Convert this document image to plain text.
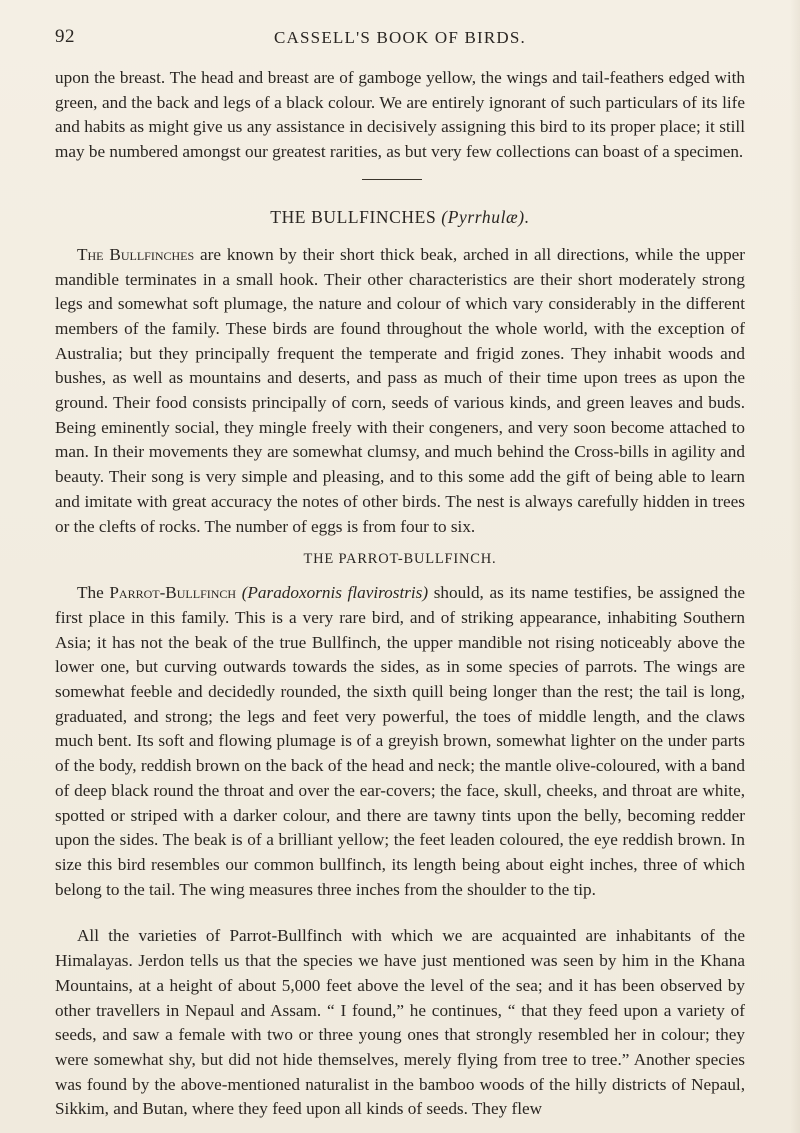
92	CASSELL'S BOOK OF BIRDS.

upon the breast. The head and breast are of gamboge yellow, the wings and tail-feathers edged with green, and the back and legs of a black colour. We are entirely ignorant of such particulars of its life and habits as might give us any assistance in decisively assigning this bird to its proper place; it still may be numbered amongst our greatest rarities, as but very few collections can boast of a specimen.

THE BULLFINCHES (Pyrrhulæ).

The Bullfinches are known by their short thick beak, arched in all directions, while the upper mandible terminates in a small hook. Their other characteristics are their short moderately strong legs and somewhat soft plumage, the nature and colour of which vary considerably in the different members of the family. These birds are found throughout the whole world, with the exception of Australia; but they principally frequent the temperate and frigid zones. They inhabit woods and bushes, as well as mountains and deserts, and pass as much of their time upon trees as upon the ground. Their food consists principally of corn, seeds of various kinds, and green leaves and buds. Being eminently social, they mingle freely with their congeners, and very soon become attached to man. In their movements they are somewhat clumsy, and much behind the Cross-bills in agility and beauty. Their song is very simple and pleasing, and to this some add the gift of being able to learn and imitate with great accuracy the notes of other birds. The nest is always carefully hidden in trees or the clefts of rocks. The number of eggs is from four to six.

THE PARROT-BULLFINCH.

The Parrot-Bullfinch (Paradoxornis flavirostris) should, as its name testifies, be assigned the first place in this family. This is a very rare bird, and of striking appearance, inhabiting Southern Asia; it has not the beak of the true Bullfinch, the upper mandible not rising noticeably above the lower one, but curving outwards towards the sides, as in some species of parrots. The wings are somewhat feeble and decidedly rounded, the sixth quill being longer than the rest; the tail is long, graduated, and strong; the legs and feet very powerful, the toes of middle length, and the claws much bent. Its soft and flowing plumage is of a greyish brown, somewhat lighter on the under parts of the body, reddish brown on the back of the head and neck; the mantle olive-coloured, with a band of deep black round the throat and over the ear-covers; the face, skull, cheeks, and throat are white, spotted or striped with a darker colour, and there are tawny tints upon the belly, becoming redder upon the sides. The beak is of a brilliant yellow; the feet leaden coloured, the eye reddish brown. In size this bird resembles our common bullfinch, its length being about eight inches, three of which belong to the tail. The wing measures three inches from the shoulder to the tip.

All the varieties of Parrot-Bullfinch with which we are acquainted are inhabitants of the Himalayas. Jerdon tells us that the species we have just mentioned was seen by him in the Khana Mountains, at a height of about 5,000 feet above the level of the sea; and it has been observed by other travellers in Nepaul and Assam. “ I found,” he continues, “ that they feed upon a variety of seeds, and saw a female with two or three young ones that strongly resembled her in colour; they were somewhat shy, but did not hide themselves, merely flying from tree to tree.” Another species was found by the above-mentioned naturalist in the bamboo woods of the hilly districts of Nepaul, Sikkim, and Butan, where they feed upon all kinds of seeds. They flew
